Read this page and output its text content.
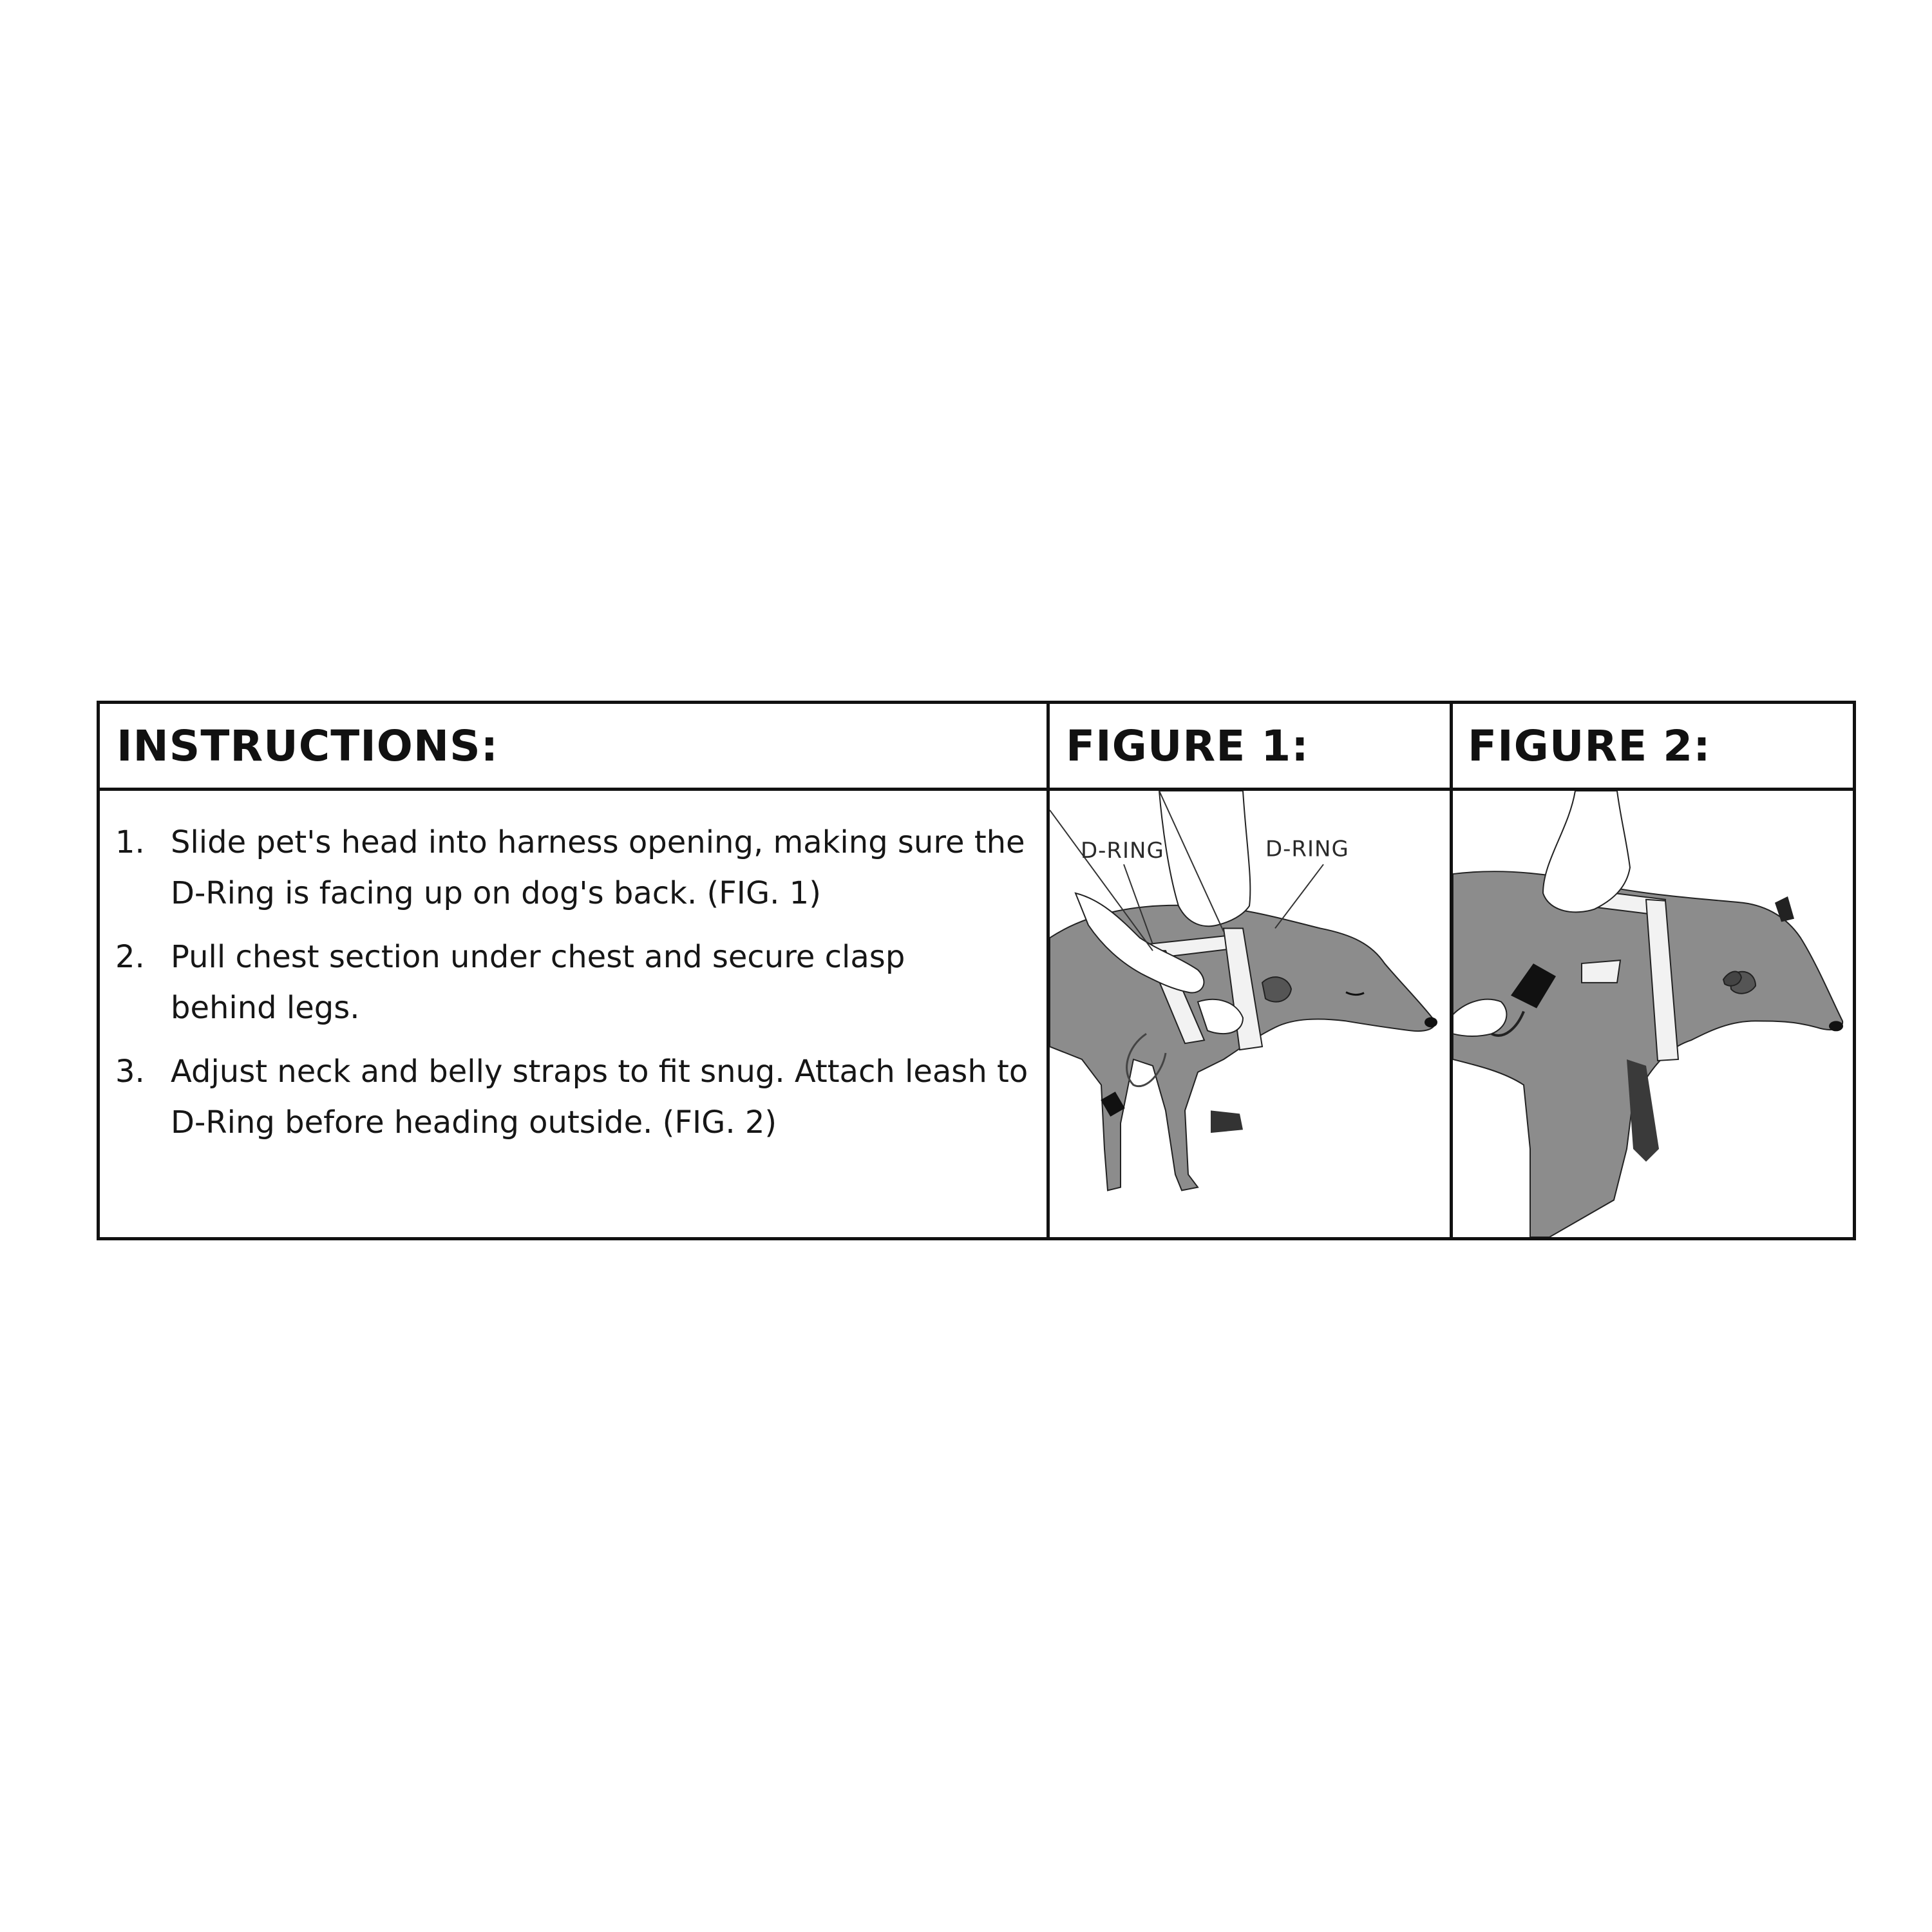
INSTRUCTIONS:	FIGURE 1:	FIGURE 2:
1. Slide pet's head into harness opening, making sure the
D-Ring is facing up on dog's back. (FIG. 1)
2. Pull chest section under chest and secure clasp
behind legs.
3. Adjust neck and belly straps to fit snug. Attach leash to
D-Ring before heading outside. (FIG. 2)
D-RING	D-RING
